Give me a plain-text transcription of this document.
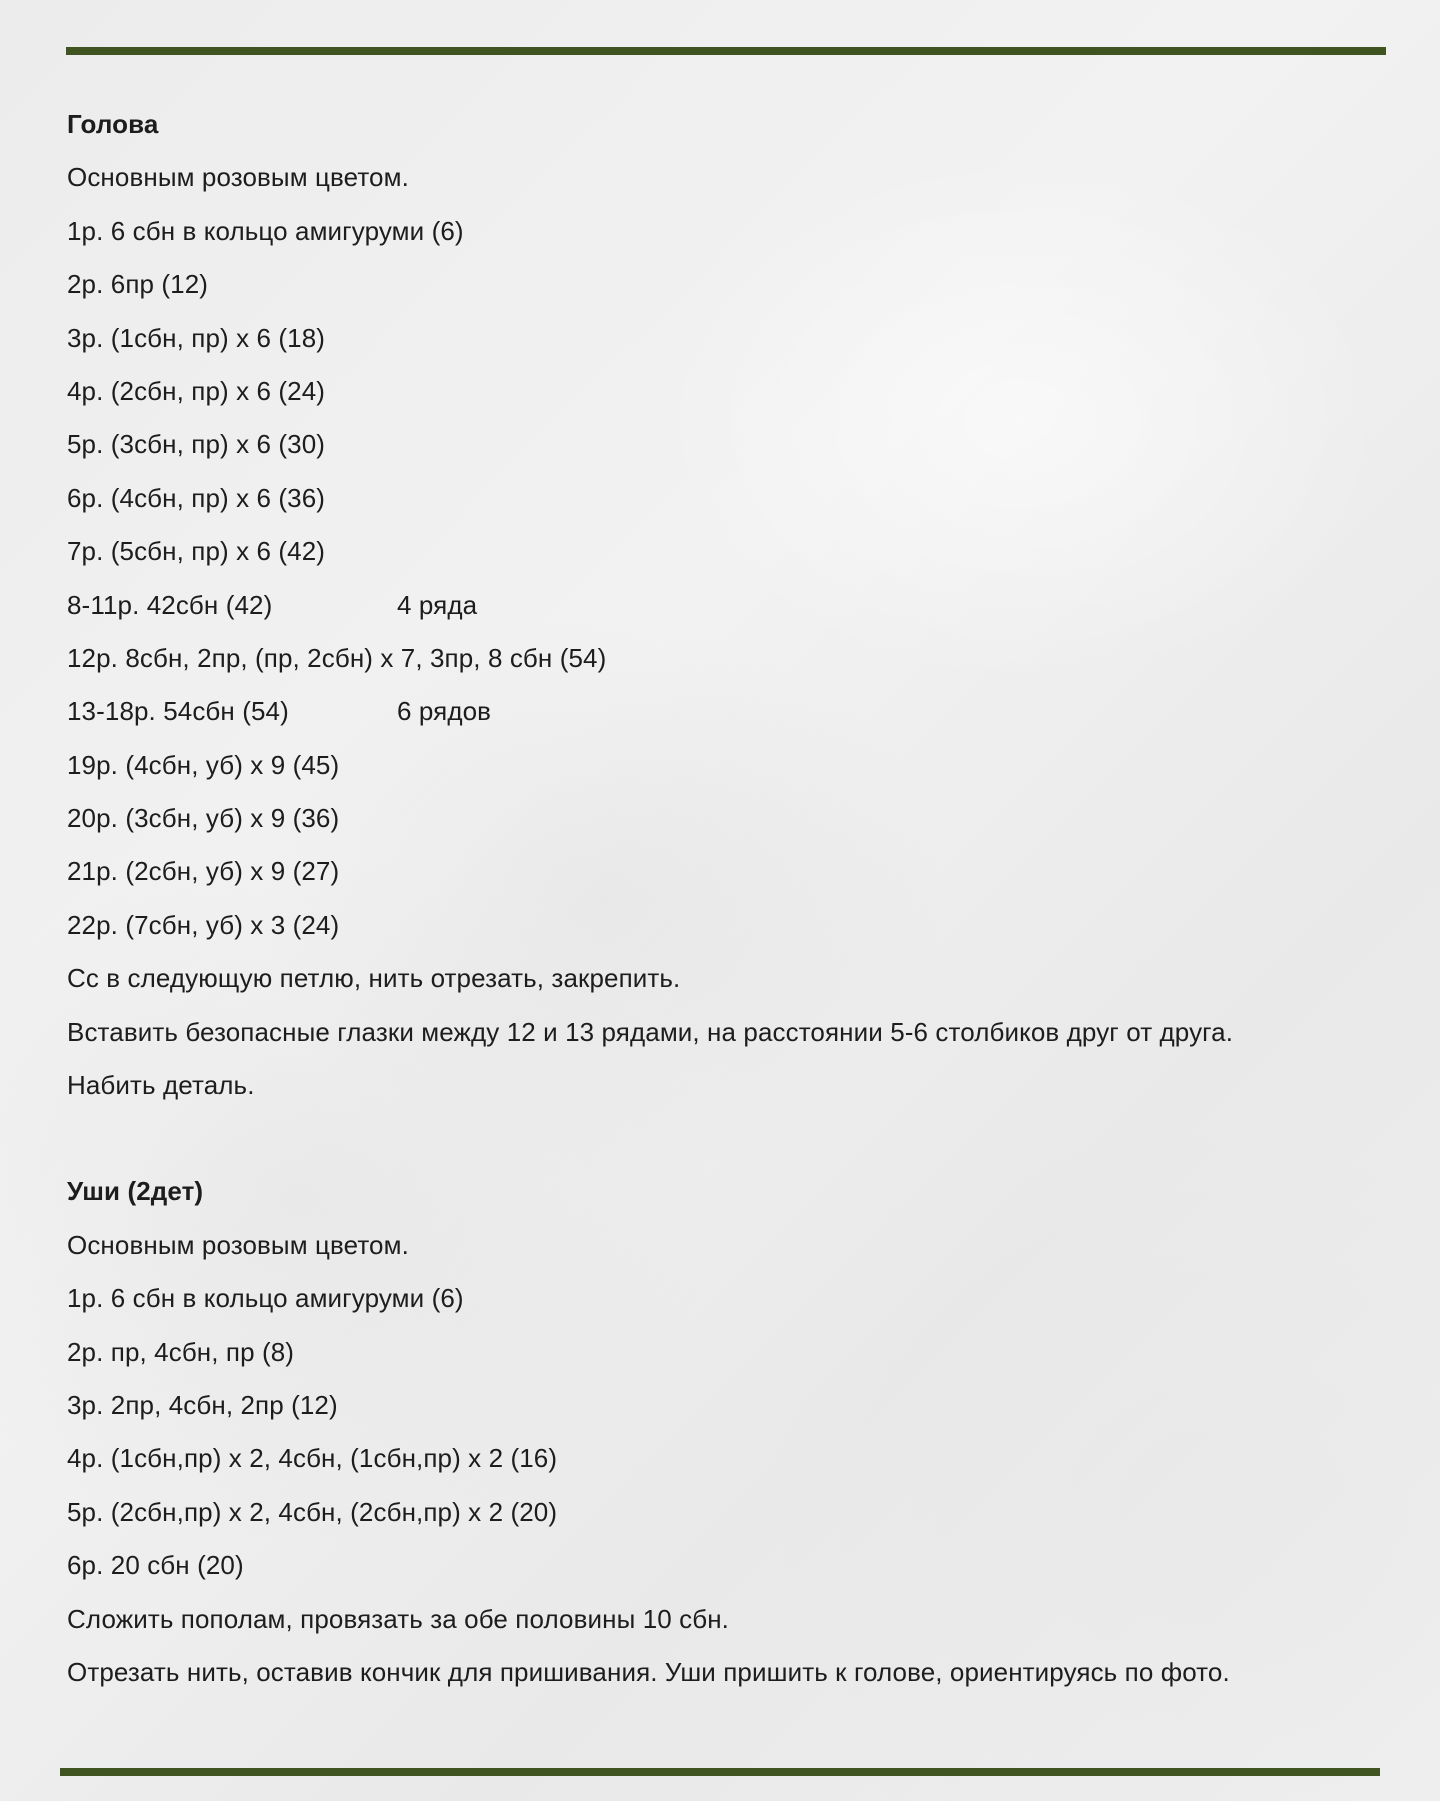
Голова
Основным розовым цветом.
1р. 6 сбн в кольцо амигуруми (6)
2р. 6пр (12)
3р. (1сбн, пр) х 6 (18)
4р. (2сбн, пр) х 6 (24)
5р. (3сбн, пр) х 6 (30)
6р. (4сбн, пр) х 6 (36)
7р. (5сбн, пр) х 6 (42)
8-11р. 42сбн (42)	4 ряда
12р. 8сбн, 2пр, (пр, 2сбн) х 7, 3пр, 8 сбн (54)
13-18р. 54сбн (54)	6 рядов
19р. (4сбн, уб) х 9 (45)
20р. (3сбн, уб) х 9 (36)
21р. (2сбн, уб) х 9 (27)
22р. (7сбн, уб) х 3 (24)
Сс в следующую петлю, нить отрезать, закрепить.
Вставить безопасные глазки между 12 и 13 рядами, на расстоянии 5-6 столбиков друг от друга.
Набить деталь.
Уши (2дет)
Основным розовым цветом.
1р. 6 сбн в кольцо амигуруми (6)
2р. пр, 4сбн, пр (8)
3р. 2пр, 4сбн, 2пр (12)
4р. (1сбн,пр) х 2, 4сбн, (1сбн,пр) х 2 (16)
5р. (2сбн,пр) х 2, 4сбн, (2сбн,пр) х 2 (20)
6р. 20 сбн (20)
Сложить пополам, провязать за обе половины 10 сбн.
Отрезать нить, оставив кончик для пришивания. Уши пришить к голове, ориентируясь по фото.
